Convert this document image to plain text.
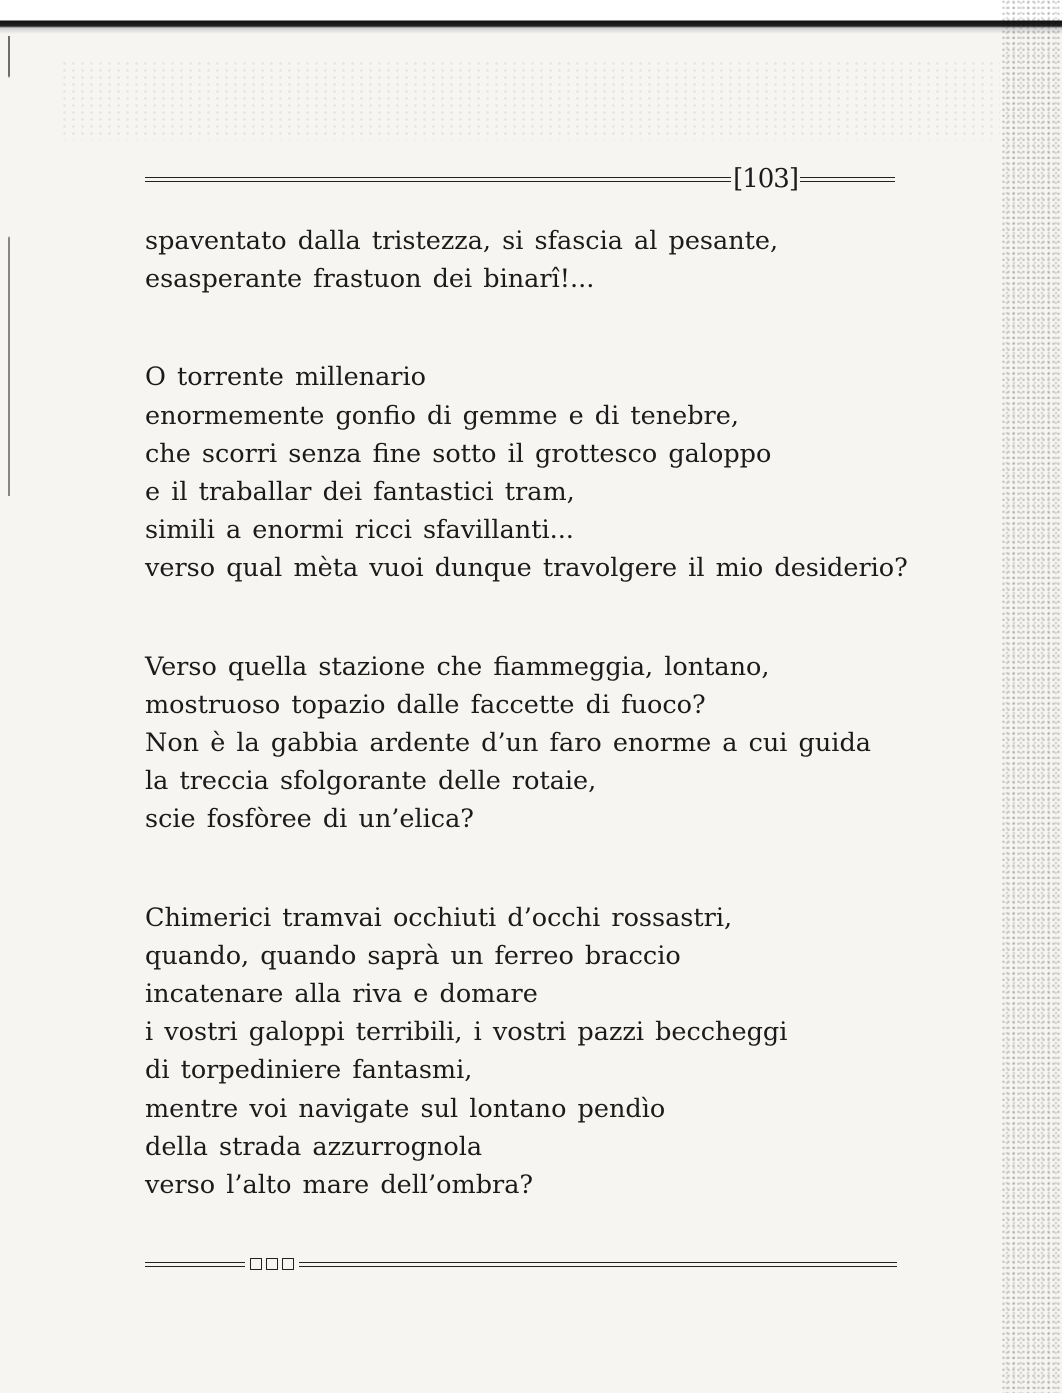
[103]
spaventato dalla tristezza, si sfascia al pesante,
esasperante frastuon dei binarî!...
O torrente millenario
enormemente gonfio di gemme e di tenebre,
che scorri senza fine sotto il grottesco galoppo
e il traballar dei fantastici tram,
simili a enormi ricci sfavillanti...
verso qual mèta vuoi dunque travolgere il mio desiderio?
Verso quella stazione che fiammeggia, lontano,
mostruoso topazio dalle faccette di fuoco?
Non è la gabbia ardente d’un faro enorme a cui guida
la treccia sfolgorante delle rotaie,
scie fosfòree di un’elica?
Chimerici tramvai occhiuti d’occhi rossastri,
quando, quando saprà un ferreo braccio
incatenare alla riva e domare
i vostri galoppi terribili, i vostri pazzi beccheggi
di torpediniere fantasmi,
mentre voi navigate sul lontano pendìo
della strada azzurrognola
verso l’alto mare dell’ombra?
